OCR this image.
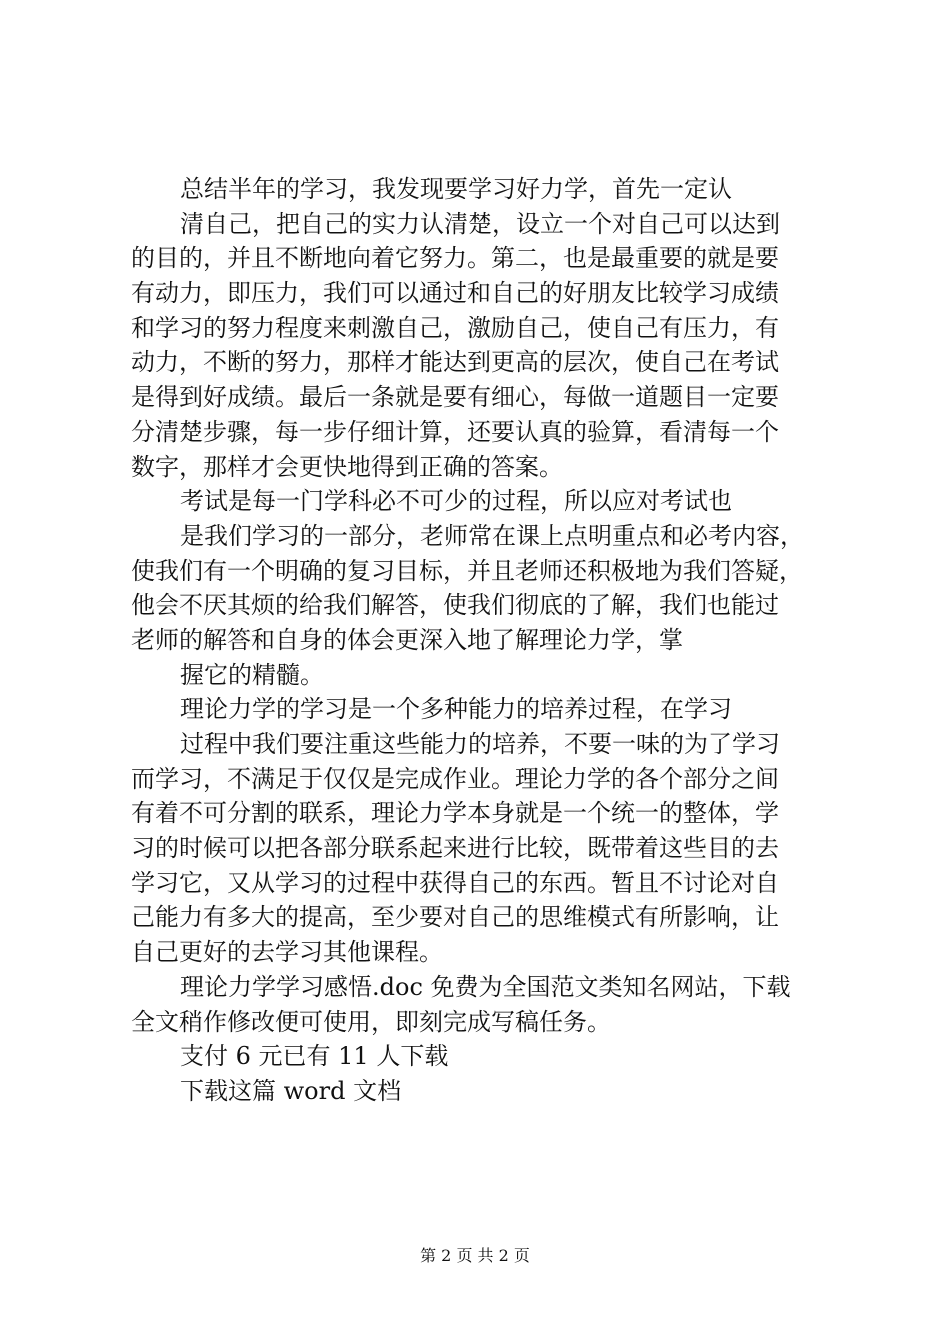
总结半年的学习，我发现要学习好力学，首先一定认
清自己，把自己的实力认清楚，设立一个对自己可以达到
的目的，并且不断地向着它努力。第二，也是最重要的就是要
有动力，即压力，我们可以通过和自己的好朋友比较学习成绩
和学习的努力程度来刺激自己，激励自己，使自己有压力，有
动力，不断的努力，那样才能达到更高的层次，使自己在考试
是得到好成绩。最后一条就是要有细心，每做一道题目一定要
分清楚步骤，每一步仔细计算，还要认真的验算，看清每一个
数字，那样才会更快地得到正确的答案。
考试是每一门学科必不可少的过程，所以应对考试也
是我们学习的一部分，老师常在课上点明重点和必考内容，
使我们有一个明确的复习目标，并且老师还积极地为我们答疑，
他会不厌其烦的给我们解答，使我们彻底的了解，我们也能过
老师的解答和自身的体会更深入地了解理论力学，掌
握它的精髓。
理论力学的学习是一个多种能力的培养过程，在学习
过程中我们要注重这些能力的培养，不要一味的为了学习
而学习，不满足于仅仅是完成作业。理论力学的各个部分之间
有着不可分割的联系，理论力学本身就是一个统一的整体，学
习的时候可以把各部分联系起来进行比较，既带着这些目的去
学习它，又从学习的过程中获得自己的东西。暂且不讨论对自
己能力有多大的提高，至少要对自己的思维模式有所影响，让
自己更好的去学习其他课程。
理论力学学习感悟.doc 免费为全国范文类知名网站，下载
全文稍作修改便可使用，即刻完成写稿任务。
支付 6 元已有 11 人下载
下载这篇 word 文档
第 2 页 共 2 页
